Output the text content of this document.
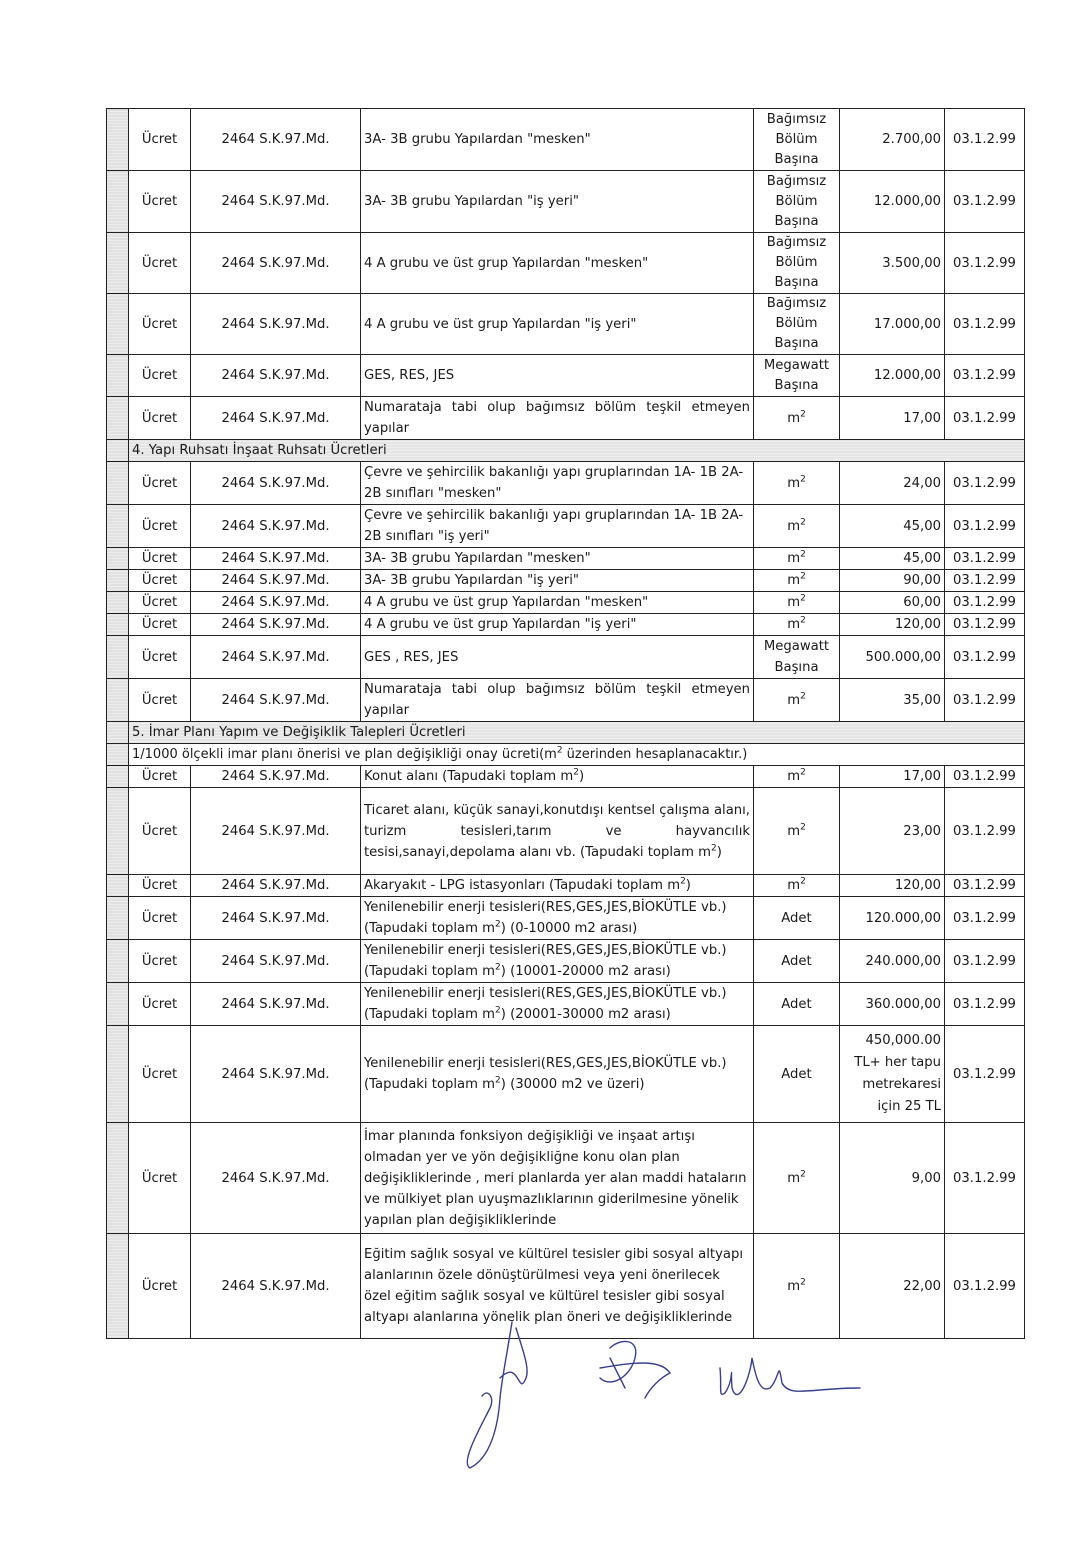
	Ücret	2464 S.K.97.Md.	3A- 3B grubu Yapılardan "mesken"	Bağımsız Bölüm Başına	2.700,00	03.1.2.99
	Ücret	2464 S.K.97.Md.	3A- 3B grubu Yapılardan "iş yeri"	Bağımsız Bölüm Başına	12.000,00	03.1.2.99
	Ücret	2464 S.K.97.Md.	4 A grubu ve üst grup Yapılardan "mesken"	Bağımsız Bölüm Başına	3.500,00	03.1.2.99
	Ücret	2464 S.K.97.Md.	4 A grubu ve üst grup Yapılardan "iş yeri"	Bağımsız Bölüm Başına	17.000,00	03.1.2.99
	Ücret	2464 S.K.97.Md.	GES, RES, JES	Megawatt Başına	12.000,00	03.1.2.99
	Ücret	2464 S.K.97.Md.	Numarataja tabi olup bağımsız bölüm teşkil etmeyen yapılar	$m^2$	17,00	03.1.2.99
	4. Yapı Ruhsatı İnşaat Ruhsatı Ücretleri					
	Ücret	2464 S.K.97.Md.	Çevre ve şehircilik bakanlığı yapı gruplarından 1A- 1B 2A-2B sınıfları "mesken"	$m^2$	24,00	03.1.2.99
	Ücret	2464 S.K.97.Md.	Çevre ve şehircilik bakanlığı yapı gruplarından 1A- 1B 2A-2B sınıfları "iş yeri"	$m^2$	45,00	03.1.2.99
	Ücret	2464 S.K.97.Md.	3A- 3B grubu Yapılardan "mesken"	$m^2$	45,00	03.1.2.99
	Ücret	2464 S.K.97.Md.	3A- 3B grubu Yapılardan "iş yeri"	$m^2$	90,00	03.1.2.99
	Ücret	2464 S.K.97.Md.	4 A grubu ve üst grup Yapılardan "mesken"	$m^2$	60,00	03.1.2.99
	Ücret	2464 S.K.97.Md.	4 A grubu ve üst grup Yapılardan "iş yeri"	$m^2$	120,00	03.1.2.99
	Ücret	2464 S.K.97.Md.	GES , RES, JES	Megawatt Başına	500.000,00	03.1.2.99
	Ücret	2464 S.K.97.Md.	Numarataja tabi olup bağımsız bölüm teşkil etmeyen yapılar	$m^2$	35,00	03.1.2.99
	5. İmar Planı Yapım ve Değişiklik Talepleri Ücretleri					
	1/1000 ölçekli imar planı önerisi ve plan değişikliği onay $ücreti(m^2$ üzerinden hesaplanacaktır.)					
	Ücret	2464 S.K.97.Md.	Konut alanı (Tapudaki toplam $m^2$)	$m^2$	17,00	03.1.2.99
	Ücret	2464 S.K.97.Md.	Ticaret alanı, küçük sanayi,konutdışı kentsel çalışma alanı, turizm tesisleri,tarım ve hayvancılık tesisi,sanayi,depolama alanı vb. (Tapudaki toplam $m^2$)	$m^2$	23,00	03.1.2.99
	Ücret	2464 S.K.97.Md.	Akaryakıt - LPG istasyonları (Tapudaki toplam $m^2$)	$m^2$	120,00	03.1.2.99
	Ücret	2464 S.K.97.Md.	Yenilenebilir enerji tesisleri(RES,GES,JES,BİOKÜTLE vb.) (Tapudaki toplam $m^2$) (0-10000 m2 arası)	Adet	120.000,00	03.1.2.99
	Ücret	2464 S.K.97.Md.	Yenilenebilir enerji tesisleri(RES,GES,JES,BİOKÜTLE vb.) (Tapudaki toplam $m^2$) (10001-20000 m2 arası)	Adet	240.000,00	03.1.2.99
	Ücret	2464 S.K.97.Md.	Yenilenebilir enerji tesisleri(RES,GES,JES,BİOKÜTLE vb.) (Tapudaki toplam $m^2$) (20001-30000 m2 arası)	Adet	360.000,00	03.1.2.99
	Ücret	2464 S.K.97.Md.	Yenilenebilir enerji tesisleri(RES,GES,JES,BİOKÜTLE vb.) (Tapudaki toplam $m^2$) (30000 m2 ve üzeri)	Adet	450,000.00 TL+ her tapu metrekaresi için 25 TL	03.1.2.99
	Ücret	2464 S.K.97.Md.	İmar planında fonksiyon değişikliği ve inşaat artışı olmadan yer ve yön değişikliğne konu olan plan değişikliklerinde , meri planlarda yer alan maddi hataların ve mülkiyet plan uyuşmazlıklarının giderilmesine yönelik yapılan plan değişikliklerinde	$m^2$	9,00	03.1.2.99
	Ücret	2464 S.K.97.Md.	Eğitim sağlık sosyal ve kültürel tesisler gibi sosyal altyapı alanlarının özele dönüştürülmesi veya yeni önerilecek özel eğitim sağlık sosyal ve kültürel tesisler gibi sosyal altyapı alanlarına yönelik plan öneri ve değişikliklerinde	$m^2$	22,00	03.1.2.99
